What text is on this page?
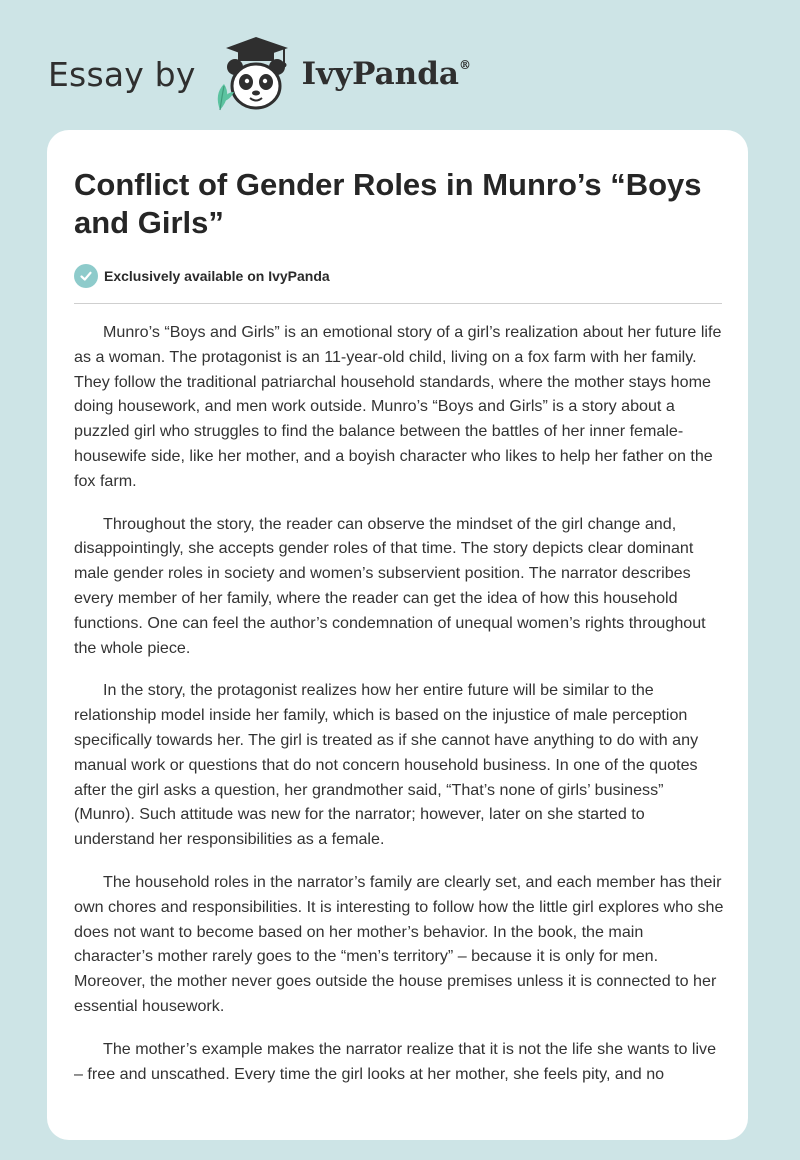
Essay by	IvyPanda®
Conflict of Gender Roles in Munro’s “Boys and Girls”
Exclusively available on IvyPanda

Munro’s “Boys and Girls” is an emotional story of a girl’s realization about her future life as a woman. The protagonist is an 11-year-old child, living on a fox farm with her family. They follow the traditional patriarchal household standards, where the mother stays home doing housework, and men work outside. Munro’s “Boys and Girls” is a story about a puzzled girl who struggles to find the balance between the battles of her inner female-housewife side, like her mother, and a boyish character who likes to help her father on the fox farm.

Throughout the story, the reader can observe the mindset of the girl change and, disappointingly, she accepts gender roles of that time. The story depicts clear dominant male gender roles in society and women’s subservient position. The narrator describes every member of her family, where the reader can get the idea of how this household functions. One can feel the author’s condemnation of unequal women’s rights throughout the whole piece.

In the story, the protagonist realizes how her entire future will be similar to the relationship model inside her family, which is based on the injustice of male perception specifically towards her. The girl is treated as if she cannot have anything to do with any manual work or questions that do not concern household business. In one of the quotes after the girl asks a question, her grandmother said, “That’s none of girls’ business” (Munro). Such attitude was new for the narrator; however, later on she started to understand her responsibilities as a female.

The household roles in the narrator’s family are clearly set, and each member has their own chores and responsibilities. It is interesting to follow how the little girl explores who she does not want to become based on her mother’s behavior. In the book, the main character’s mother rarely goes to the “men’s territory” – because it is only for men. Moreover, the mother never goes outside the house premises unless it is connected to her essential housework.

The mother’s example makes the narrator realize that it is not the life she wants to live – free and unscathed. Every time the girl looks at her mother, she feels pity, and no
